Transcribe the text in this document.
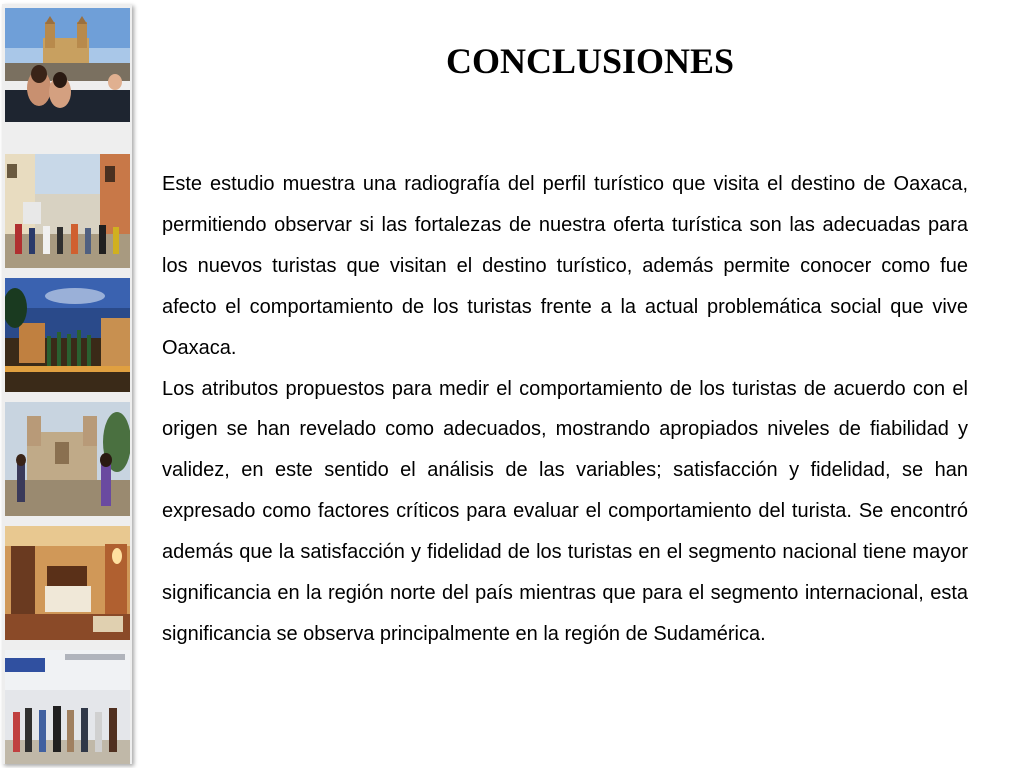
CONCLUSIONES

Este estudio muestra una radiografía del perfil turístico que visita el destino de Oaxaca, permitiendo observar si las fortalezas de nuestra oferta turística son las adecuadas para los nuevos turistas que visitan el destino turístico, además permite conocer como fue afecto el comportamiento de los turistas frente a la actual problemática social que vive Oaxaca.

Los atributos propuestos para medir el comportamiento de los turistas de acuerdo con el origen se han revelado como adecuados, mostrando apropiados niveles de fiabilidad y validez, en este sentido el análisis de las variables; satisfacción y fidelidad, se han expresado como factores críticos para evaluar el comportamiento del turista. Se encontró además que la satisfacción y fidelidad de los turistas en el segmento nacional tiene mayor significancia en la región norte del país mientras que para el segmento internacional, esta significancia se observa principalmente en la región de Sudamérica.
